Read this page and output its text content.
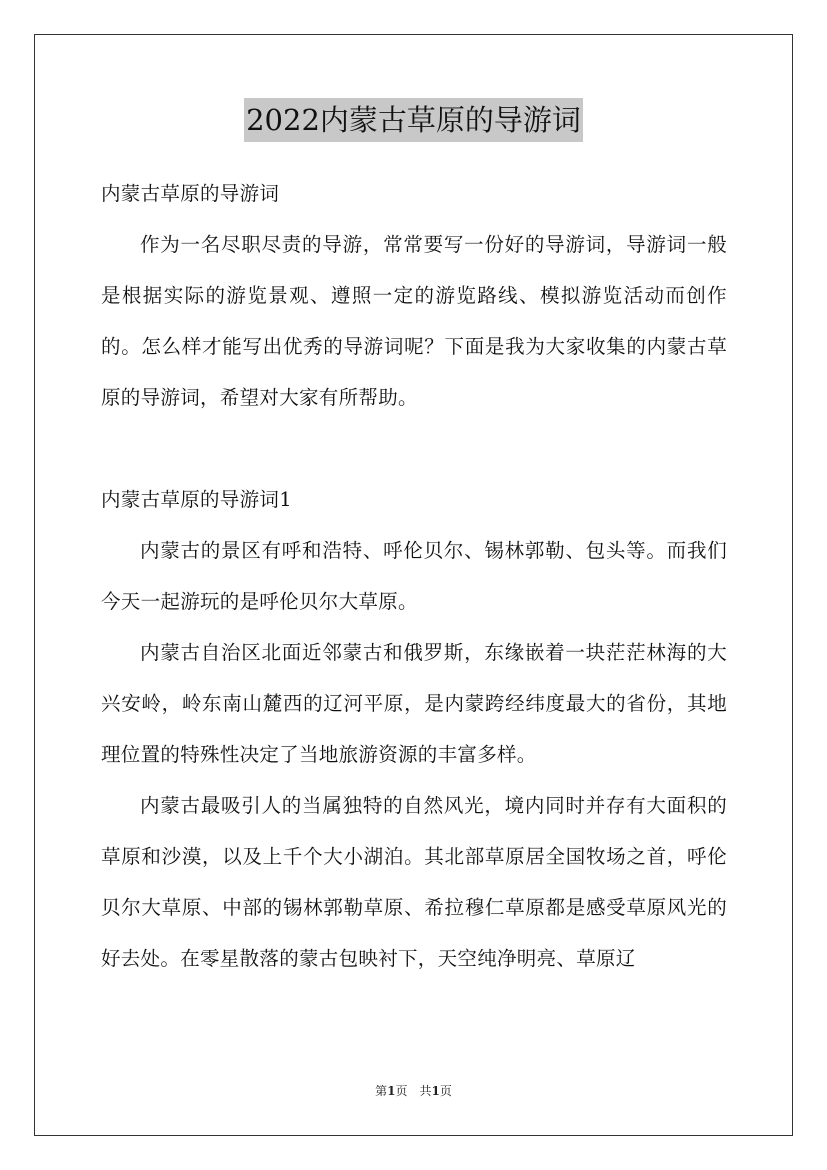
2022内蒙古草原的导游词

内蒙古草原的导游词

作为一名尽职尽责的导游，常常要写一份好的导游词，导游词一般是根据实际的游览景观、遵照一定的游览路线、模拟游览活动而创作的。怎么样才能写出优秀的导游词呢？下面是我为大家收集的内蒙古草原的导游词，希望对大家有所帮助。

内蒙古草原的导游词1

内蒙古的景区有呼和浩特、呼伦贝尔、锡林郭勒、包头等。而我们今天一起游玩的是呼伦贝尔大草原。

内蒙古自治区北面近邻蒙古和俄罗斯，东缘嵌着一块茫茫林海的大兴安岭，岭东南山麓西的辽河平原，是内蒙跨经纬度最大的省份，其地理位置的特殊性决定了当地旅游资源的丰富多样。

内蒙古最吸引人的当属独特的自然风光，境内同时并存有大面积的草原和沙漠，以及上千个大小湖泊。其北部草原居全国牧场之首，呼伦贝尔大草原、中部的锡林郭勒草原、希拉穆仁草原都是感受草原风光的好去处。在零星散落的蒙古包映衬下，天空纯净明亮、草原辽

第1页　共1页
